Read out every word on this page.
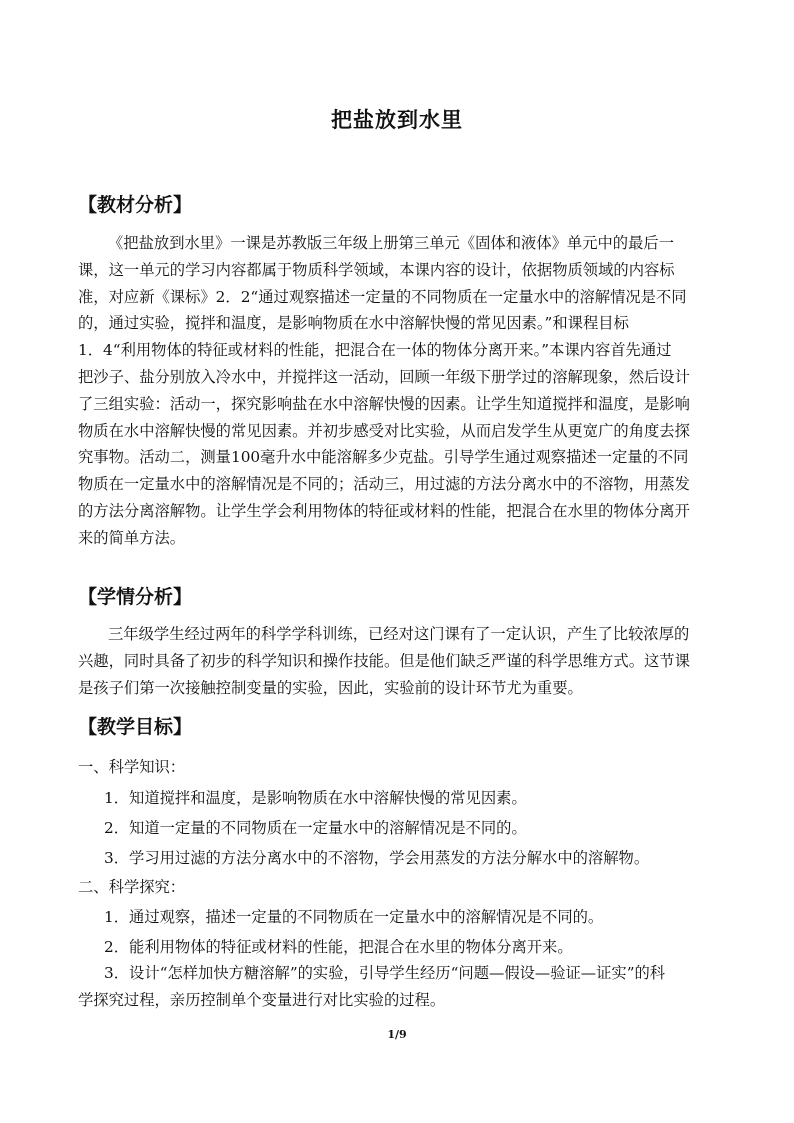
把盐放到水里
【教材分析】
《把盐放到水里》一课是苏教版三年级上册第三单元《固体和液体》单元中的最后一
课，这一单元的学习内容都属于物质科学领域，本课内容的设计，依据物质领域的内容标
准，对应新《课标》2．2“通过观察描述一定量的不同物质在一定量水中的溶解情况是不同
的，通过实验，搅拌和温度，是影响物质在水中溶解快慢的常见因素。”和课程目标
1．4“利用物体的特征或材料的性能，把混合在一体的物体分离开来。”本课内容首先通过
把沙子、盐分别放入冷水中，并搅拌这一活动，回顾一年级下册学过的溶解现象，然后设计
了三组实验：活动一，探究影响盐在水中溶解快慢的因素。让学生知道搅拌和温度，是影响
物质在水中溶解快慢的常见因素。并初步感受对比实验，从而启发学生从更宽广的角度去探
究事物。活动二，测量100毫升水中能溶解多少克盐。引导学生通过观察描述一定量的不同
物质在一定量水中的溶解情况是不同的；活动三，用过滤的方法分离水中的不溶物，用蒸发
的方法分离溶解物。让学生学会利用物体的特征或材料的性能，把混合在水里的物体分离开
来的简单方法。
【学情分析】
三年级学生经过两年的科学学科训练，已经对这门课有了一定认识，产生了比较浓厚的
兴趣，同时具备了初步的科学知识和操作技能。但是他们缺乏严谨的科学思维方式。这节课
是孩子们第一次接触控制变量的实验，因此，实验前的设计环节尤为重要。
【教学目标】
一、科学知识：
1．知道搅拌和温度，是影响物质在水中溶解快慢的常见因素。
2．知道一定量的不同物质在一定量水中的溶解情况是不同的。
3．学习用过滤的方法分离水中的不溶物，学会用蒸发的方法分解水中的溶解物。
二、科学探究：
1．通过观察，描述一定量的不同物质在一定量水中的溶解情况是不同的。
2．能利用物体的特征或材料的性能，把混合在水里的物体分离开来。
3．设计“怎样加快方糖溶解”的实验，引导学生经历“问题—假设—验证—证实”的科
学探究过程，亲历控制单个变量进行对比实验的过程。
1/9
